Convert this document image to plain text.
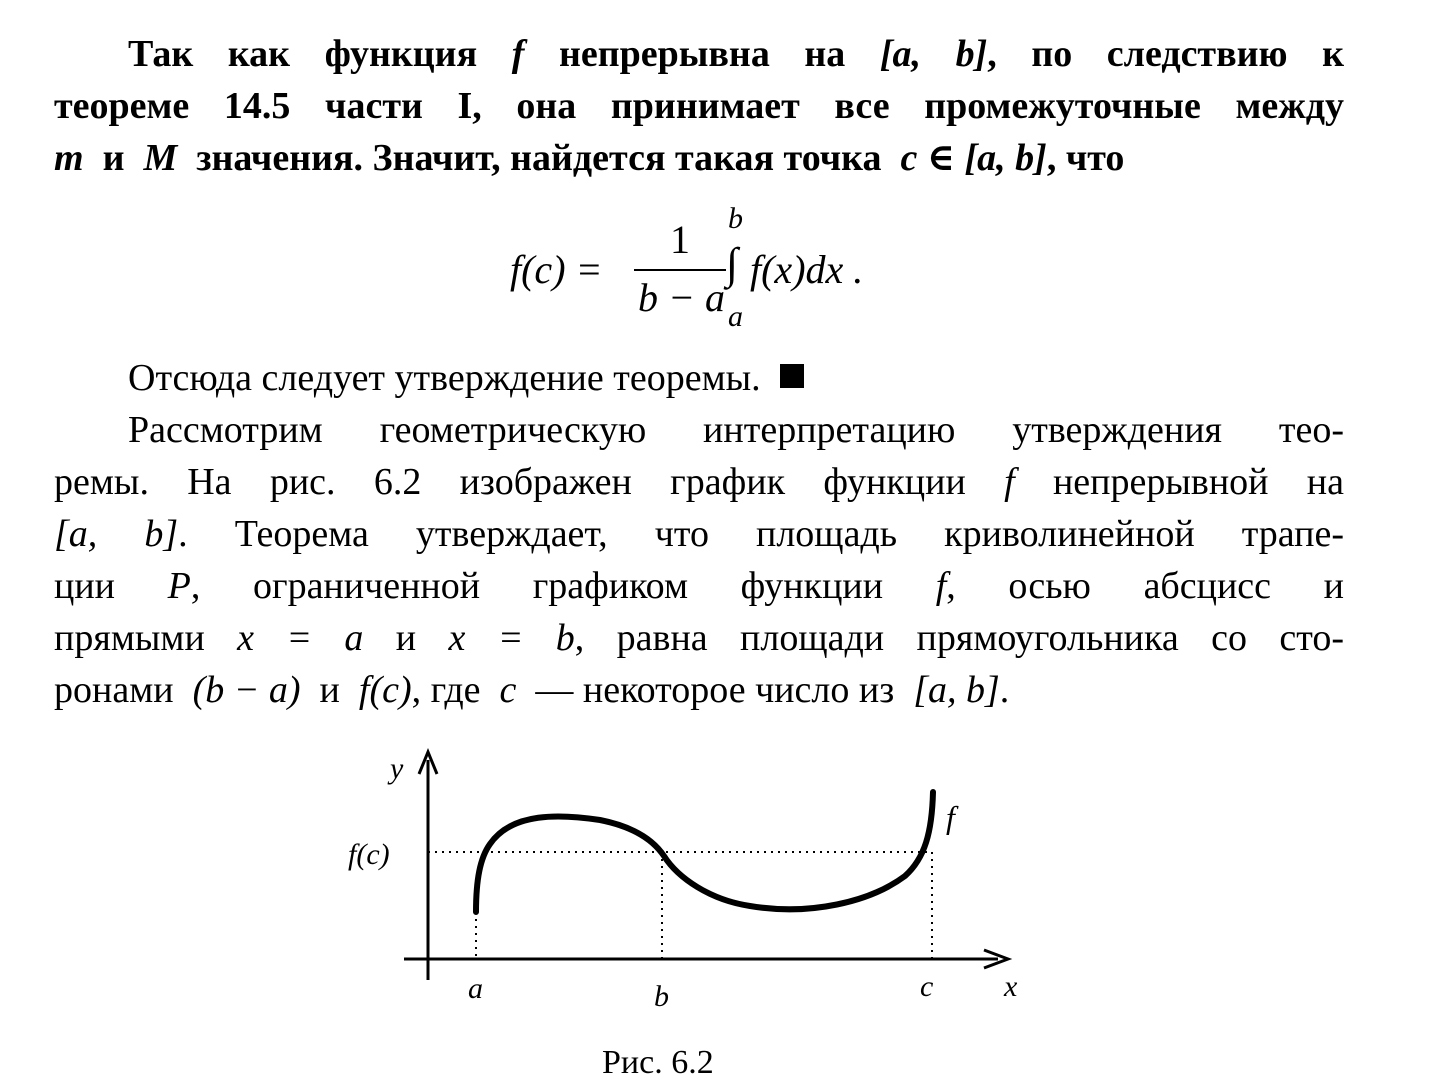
Так как функция f непрерывна на [a, b], по следствию к
теореме 14.5 части I, она принимает все промежуточные между
m и M значения. Значит, найдется такая точка c ∈ [a, b], что
f(c) =
1
b − a
b
∫
a
f(x)dx .
Отсюда следует утверждение теоремы.
Рассмотрим геометрическую интерпретацию утверждения тео-
ремы. На рис. 6.2 изображен график функции f непрерывной на
[a, b]. Теорема утверждает, что площадь криволинейной трапе-
ции P, ограниченной графиком функции f, осью абсцисс и
прямыми x = a и x = b, равна площади прямоугольника со сто-
ронами (b − a) и f(c), где c — некоторое число из [a, b].
y
x
f(c)
f
a	b	c
Рис. 6.2
